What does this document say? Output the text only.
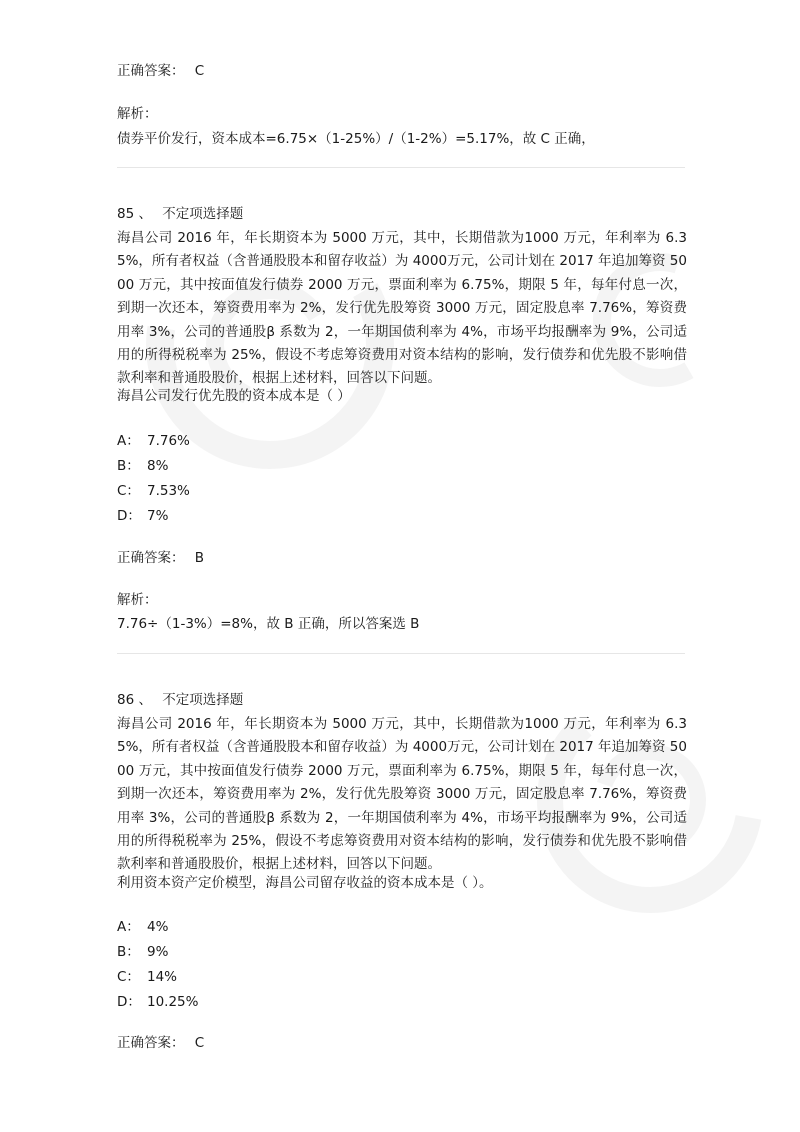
正确答案： C
解析：
债券平价发行，资本成本=6.75×（1-25%）/（1-2%）=5.17%，故 C 正确，
85 、 不定项选择题
海昌公司 2016 年，年长期资本为 5000 万元，其中，长期借款为1000 万元，年利率为 6.35%，所有者权益（含普通股股本和留存收益）为 4000万元，公司计划在 2017 年追加筹资 5000 万元，其中按面值发行债券 2000 万元，票面利率为 6.75%，期限 5 年，每年付息一次，到期一次还本，筹资费用率为 2%，发行优先股筹资 3000 万元，固定股息率 7.76%，筹资费用率 3%，公司的普通股β 系数为 2，一年期国债利率为 4%，市场平均报酬率为 9%，公司适用的所得税税率为 25%，假设不考虑筹资费用对资本结构的影响，发行债券和优先股不影响借款利率和普通股股价，根据上述材料，回答以下问题。
海昌公司发行优先股的资本成本是（ ）
A： 7.76%
B： 8%
C： 7.53%
D： 7%
正确答案： B
解析：
7.76÷（1-3%）=8%，故 B 正确，所以答案选 B
86 、 不定项选择题
海昌公司 2016 年，年长期资本为 5000 万元，其中，长期借款为1000 万元，年利率为 6.35%，所有者权益（含普通股股本和留存收益）为 4000万元，公司计划在 2017 年追加筹资 5000 万元，其中按面值发行债券 2000 万元，票面利率为 6.75%，期限 5 年，每年付息一次，到期一次还本，筹资费用率为 2%，发行优先股筹资 3000 万元，固定股息率 7.76%，筹资费用率 3%，公司的普通股β 系数为 2，一年期国债利率为 4%，市场平均报酬率为 9%，公司适用的所得税税率为 25%，假设不考虑筹资费用对资本结构的影响，发行债券和优先股不影响借款利率和普通股股价，根据上述材料，回答以下问题。
利用资本资产定价模型，海昌公司留存收益的资本成本是（ ）。
A： 4%
B： 9%
C： 14%
D： 10.25%
正确答案： C
